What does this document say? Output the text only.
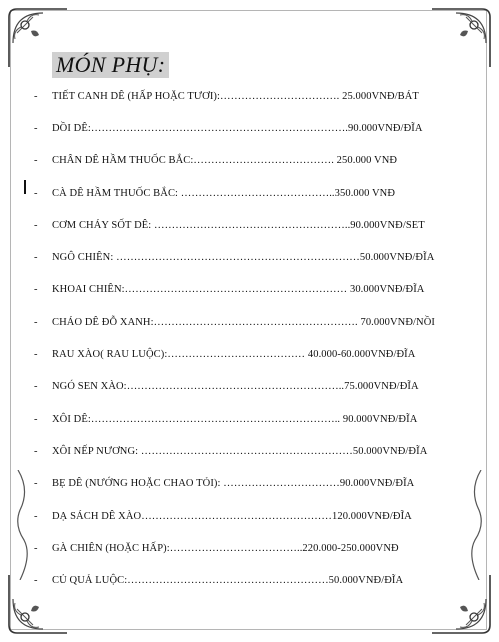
MÓN PHỤ:
-	TIẾT CANH DÊ (HẤP HOẶC TƯƠI):……………………………. 25.000VNĐ/BÁT
-	DỒI DÊ:……………………………………………………………….90.000VNĐ/ĐĨA
-	CHÂN DÊ HẦM THUỐC BẮC:…………………………………. 250.000 VNĐ
-	CÀ DÊ HẦM THUỐC BẮC: ……………………………………..350.000 VNĐ
-	CƠM CHÁY SỐT DÊ: ………………………………………………..90.000VNĐ/SET
-	NGÔ CHIÊN: ……………………………………………………………50.000VNĐ/ĐĨA
-	KHOAI CHIÊN:……………………………………………………… 30.000VNĐ/ĐĨA
-	CHÁO DÊ ĐỖ XANH:…………………………………………………. 70.000VNĐ/NỒI
-	RAU XÀO( RAU LUỘC):………………………………… 40.000-60.000VNĐ/ĐĨA
-	NGÓ SEN XÀO:……………………………………………………..75.000VNĐ/ĐĨA
-	XÔI DÊ:…………………………………………………………….. 90.000VNĐ/ĐĨA
-	XÔI NẾP NƯƠNG: ……………………………………………………50.000VNĐ/ĐĨA
-	BẸ DÊ (NƯỚNG HOẶC CHAO TỎI): ……………………………90.000VNĐ/ĐĨA
-	DẠ SÁCH DÊ XÀO………………………………………………120.000VNĐ/ĐĨA
-	GÀ CHIÊN (HOẶC HẤP):………………………………..220.000-250.000VNĐ
-	CỦ QUẢ LUỘC:…………………………………………………50.000VNĐ/ĐĨA
